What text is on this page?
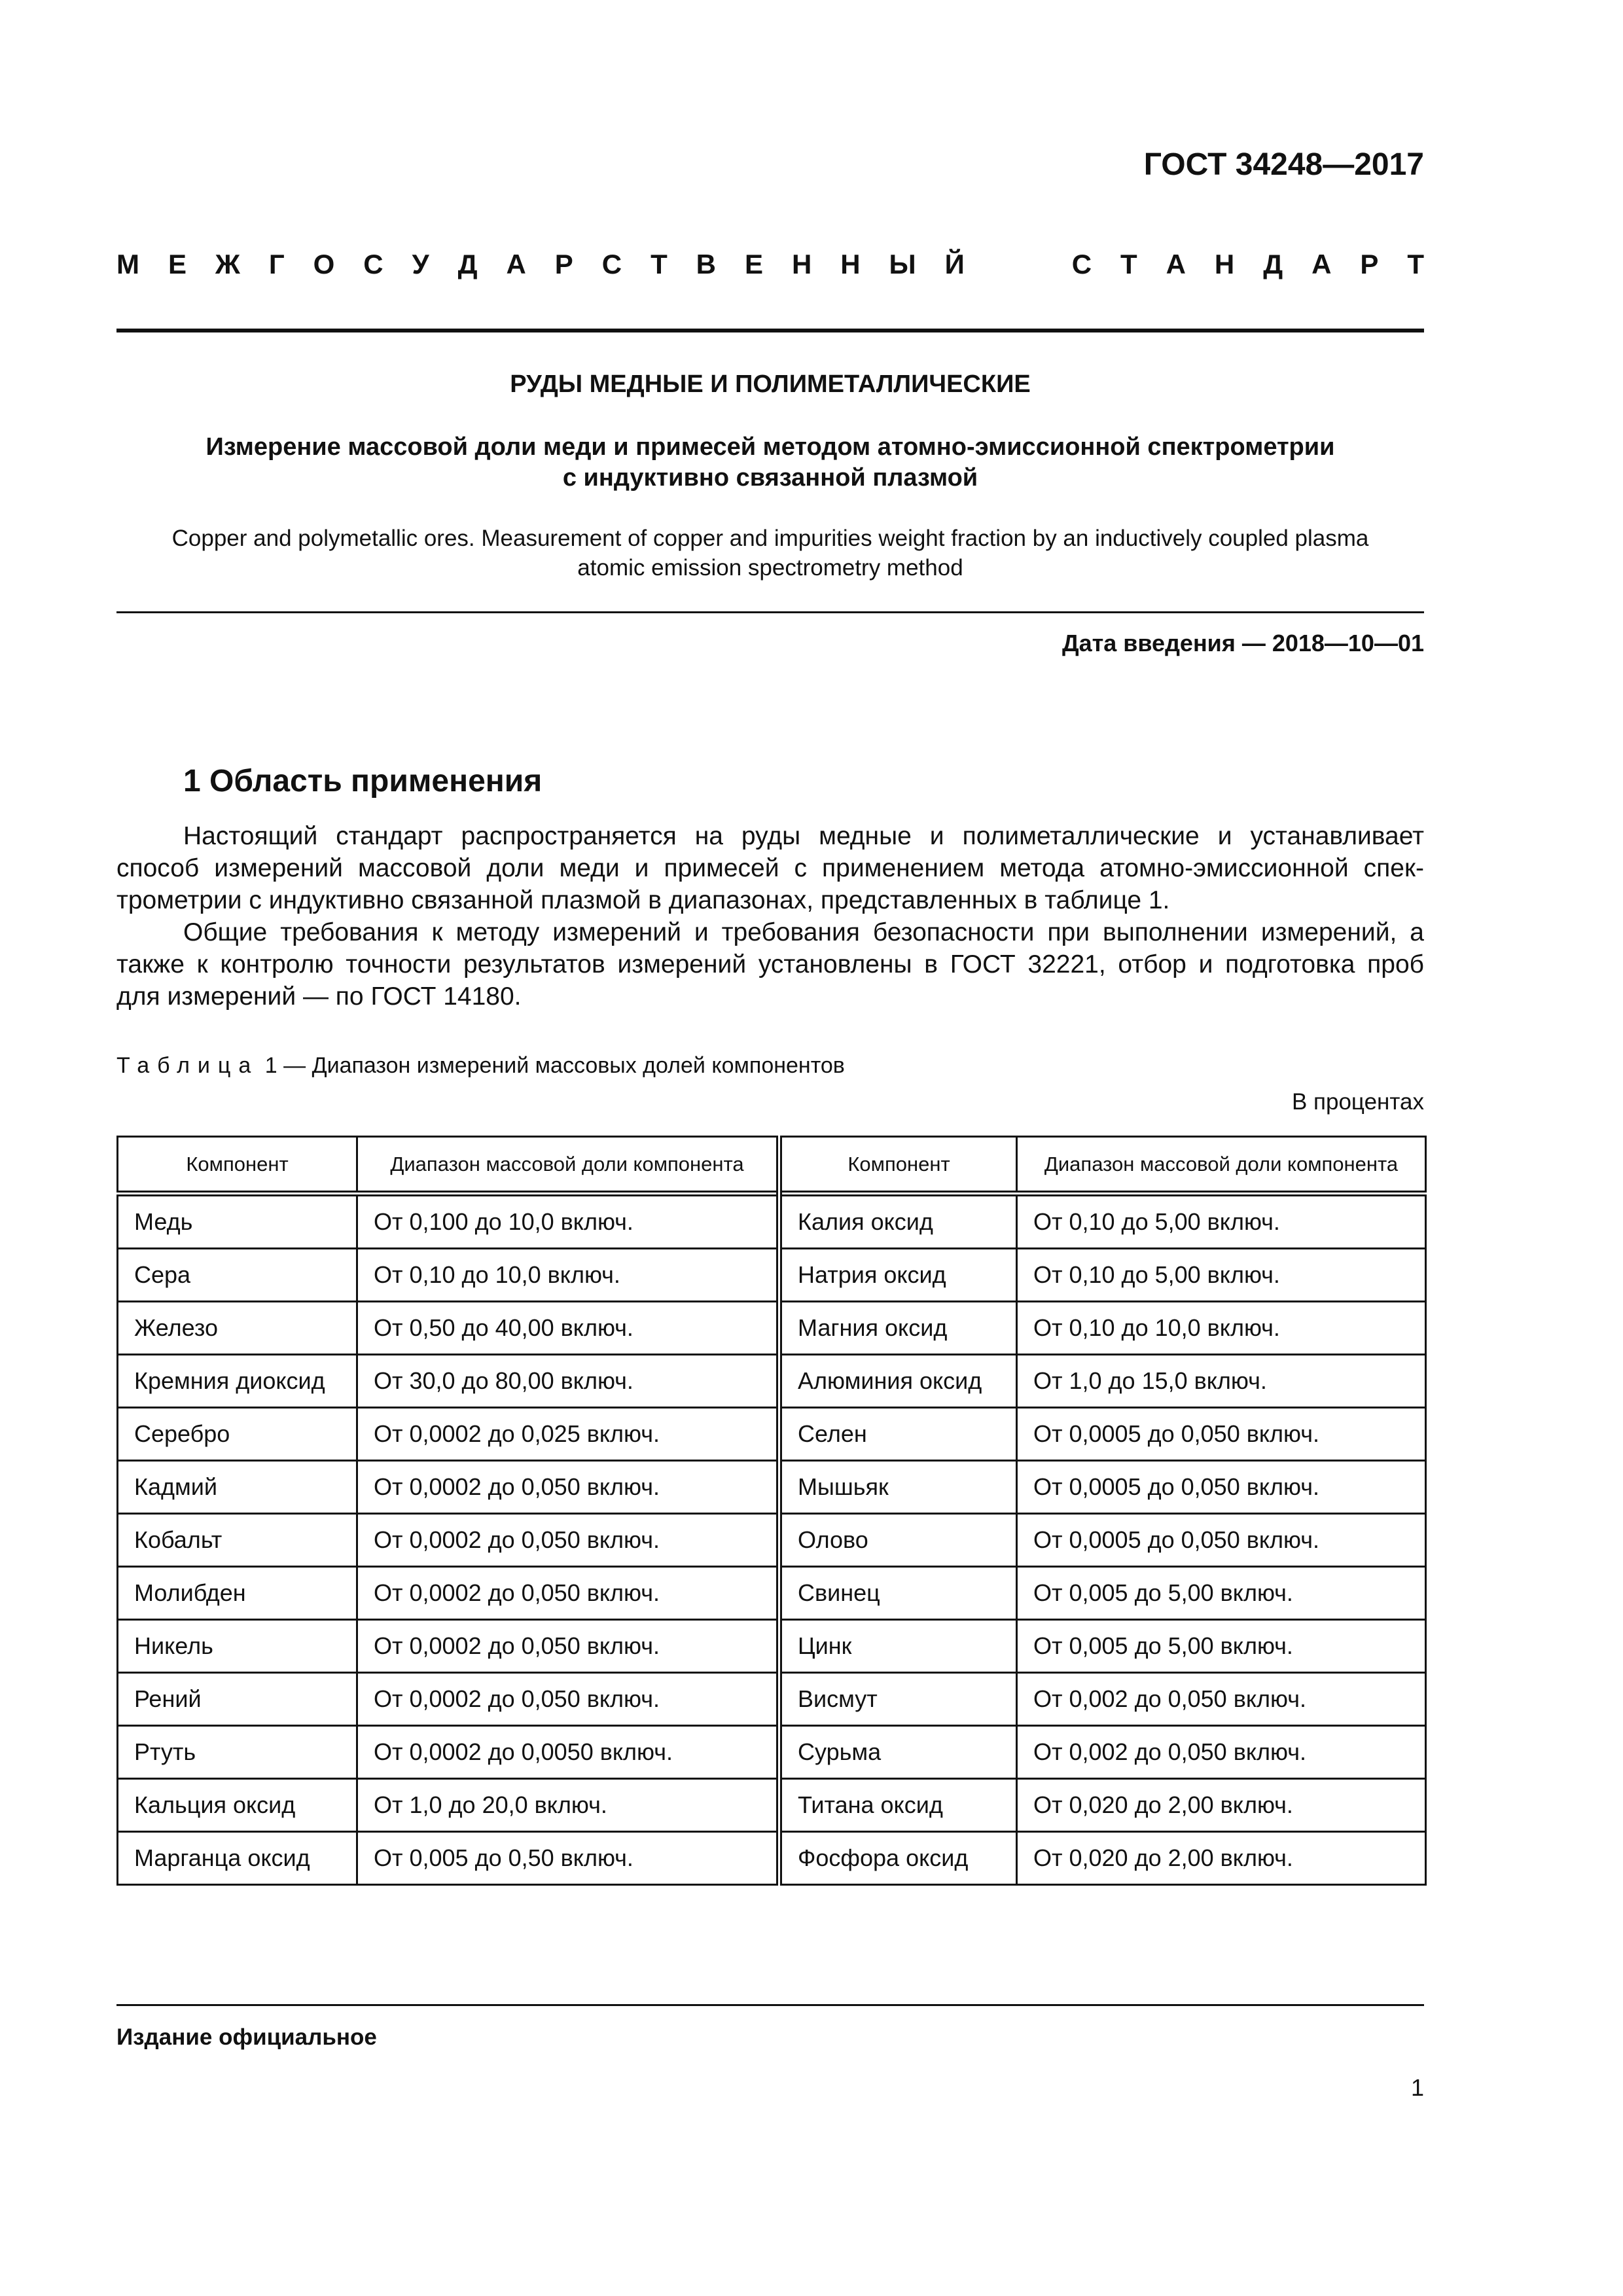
ГОСТ 34248—2017
М Е Ж Г О С У Д А Р С Т В Е Н Н Ы Й	С Т А Н Д А Р Т
РУДЫ МЕДНЫЕ И ПОЛИМЕТАЛЛИЧЕСКИЕ
Измерение массовой доли меди и примесей методом атомно-эмиссионной спектрометрии
с индуктивно связанной плазмой
Copper and polymetallic ores. Measurement of copper and impurities weight fraction by an inductively coupled plasma
atomic emission spectrometry method
Дата введения — 2018—10—01
1 Область применения
Настоящий стандарт распространяется на руды медные и полиметаллические и устанавливает
способ измерений массовой доли меди и примесей с применением метода атомно-эмиссионной спек-
трометрии с индуктивно связанной плазмой в диапазонах, представленных в таблице 1.
Общие требования к методу измерений и требования безопасности при выполнении измерений, а
также к контролю точности результатов измерений установлены в ГОСТ 32221, отбор и подготовка проб
для измерений — по ГОСТ 14180.
Таблица 1 — Диапазон измерений массовых долей компонентов
В процентах
Компонент	Диапазон массовой доли компонента	Компонент	Диапазон массовой доли компонента
Медь	От 0,100 до 10,0 включ.	Калия оксид	От 0,10 до 5,00 включ.
Сера	От 0,10 до 10,0 включ.	Натрия оксид	От 0,10 до 5,00 включ.
Железо	От 0,50 до 40,00 включ.	Магния оксид	От 0,10 до 10,0 включ.
Кремния диоксид	От 30,0 до 80,00 включ.	Алюминия оксид	От 1,0 до 15,0 включ.
Серебро	От 0,0002 до 0,025 включ.	Селен	От 0,0005 до 0,050 включ.
Кадмий	От 0,0002 до 0,050 включ.	Мышьяк	От 0,0005 до 0,050 включ.
Кобальт	От 0,0002 до 0,050 включ.	Олово	От 0,0005 до 0,050 включ.
Молибден	От 0,0002 до 0,050 включ.	Свинец	От 0,005 до 5,00 включ.
Никель	От 0,0002 до 0,050 включ.	Цинк	От 0,005 до 5,00 включ.
Рений	От 0,0002 до 0,050 включ.	Висмут	От 0,002 до 0,050 включ.
Ртуть	От 0,0002 до 0,0050 включ.	Сурьма	От 0,002 до 0,050 включ.
Кальция оксид	От 1,0 до 20,0 включ.	Титана оксид	От 0,020 до 2,00 включ.
Марганца оксид	От 0,005 до 0,50 включ.	Фосфора оксид	От 0,020 до 2,00 включ.
Издание официальное
1
